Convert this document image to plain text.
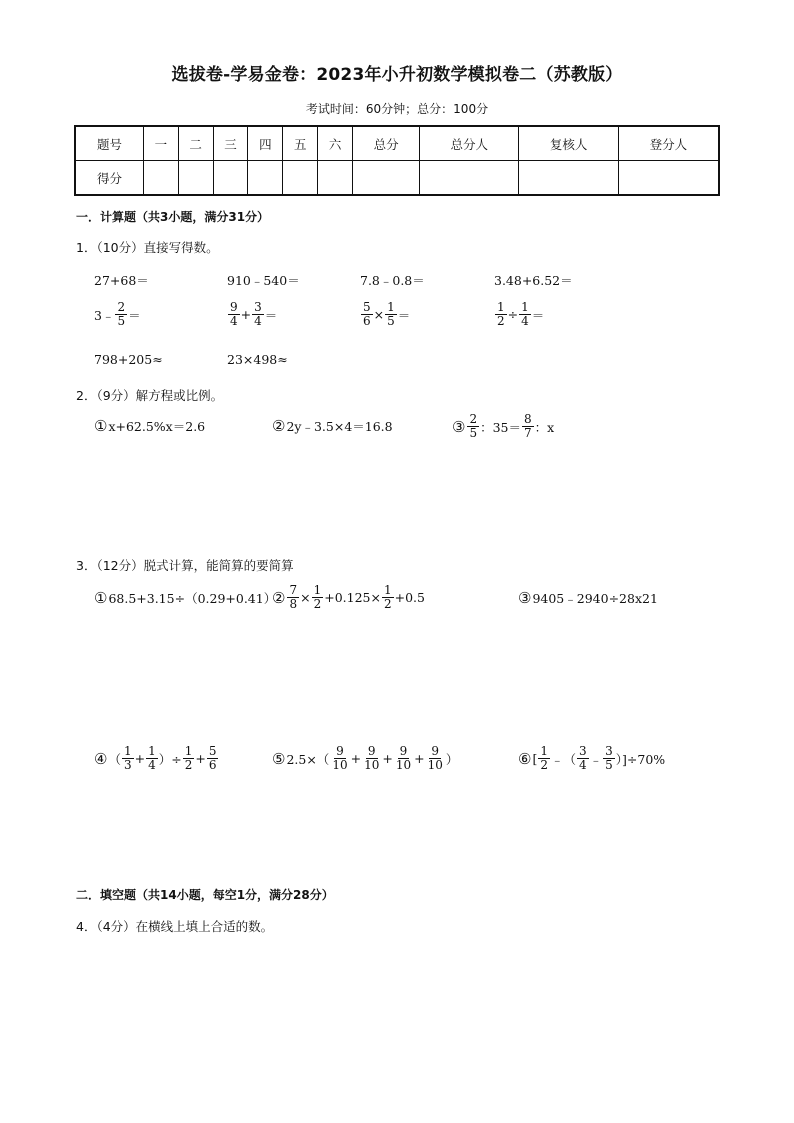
选拔卷-学易金卷：2023年小升初数学模拟卷二（苏教版）
考试时间：60分钟；总分：100分
题号	一	二	三	四	五	六	总分	总分人	复核人	登分人
得分										
一．计算题（共3小题，满分31分）
1．（10分）直接写得数。
27+68＝	910﹣540＝	7.8﹣0.8＝	3.48+6.52＝
3﹣ $\frac{2}{5}$ ＝	$\frac{9}{4} + \frac{3}{4}$ ＝	$\frac{5}{6} \times \frac{1}{5}$ ＝	$\frac{1}{2} \div \frac{1}{4}$ ＝
798+205≈	23×498≈
2．（9分）解方程或比例。
① x+62.5%x＝2.6	② 2y﹣3.5×4＝16.8	③ $\frac{2}{5}$ ：$35= \frac{8}{7}$ ：x
3．（12分）脱式计算，能简算的要简算
① 68.5+3.15÷（0.29+0.41）
② $\frac{7}{8} \times \frac{1}{2} +0.125\times \frac{1}{2} +0.5$	③ 9405﹣2940÷28x21
④ （ $\frac{1}{3} + \frac{1}{4}$ ）÷ $\frac{1}{2} + \frac{5}{6}$	⑤ $2.5\times( \frac{9}{10} + \frac{9}{10} + \frac{9}{10} + \frac{9}{10}$ ）	⑥ [ $\frac{1}{2}$ ﹣（ $\frac{3}{4}$ ﹣ $\frac{3}{5} )]\div 70\%$
二．填空题（共14小题，每空1分，满分28分）
4．（4分）在横线上填上合适的数。
